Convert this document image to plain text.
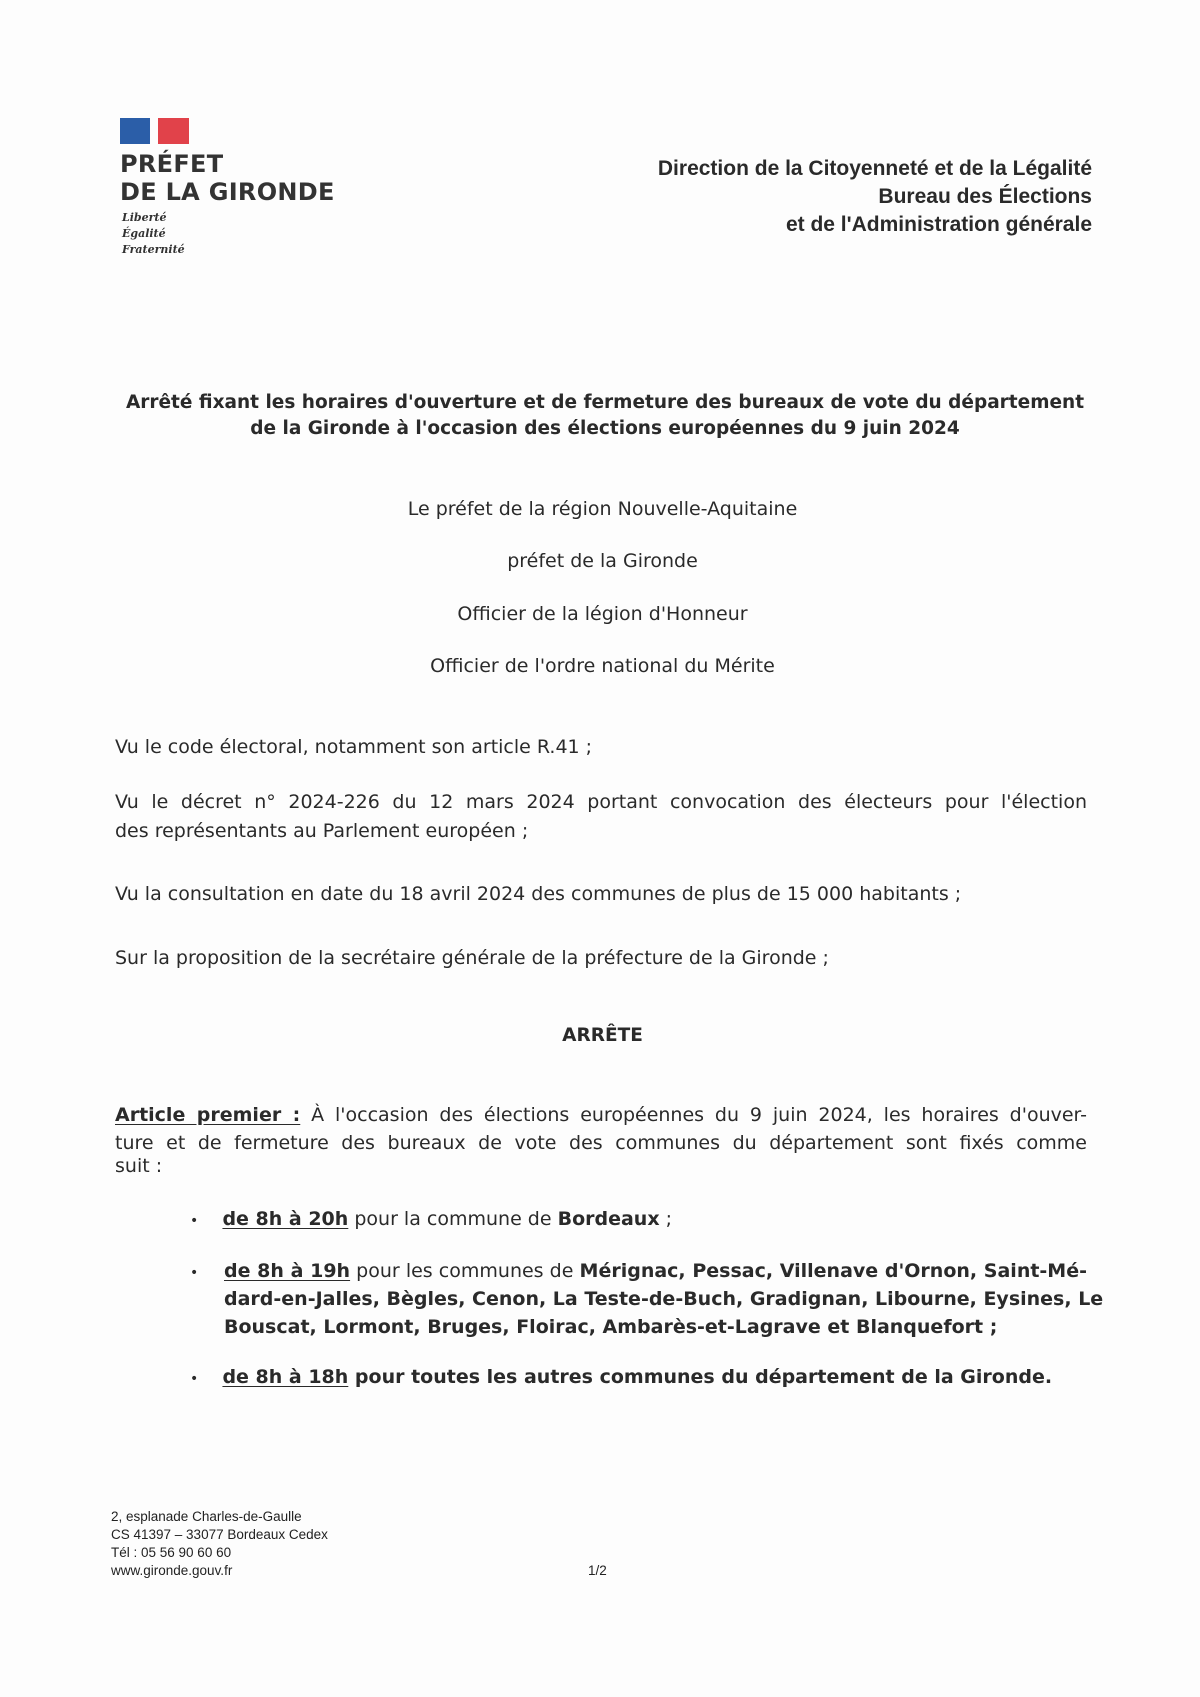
PRÉFET
DE LA GIRONDE
Liberté
Égalité
Fraternité
Direction de la Citoyenneté et de la Légalité
Bureau des Élections
et de l'Administration générale
Arrêté fixant les horaires d'ouverture et de fermeture des bureaux de vote du département
de la Gironde à l'occasion des élections européennes du 9 juin 2024
Le préfet de la région Nouvelle-Aquitaine
préfet de la Gironde
Officier de la légion d'Honneur
Officier de l'ordre national du Mérite
Vu le code électoral, notamment son article R.41 ;
Vu le décret n° 2024-226 du 12 mars 2024 portant convocation des électeurs pour l'élection
des représentants au Parlement européen ;
Vu la consultation en date du 18 avril 2024 des communes de plus de 15 000 habitants ;
Sur la proposition de la secrétaire générale de la préfecture de la Gironde ;
ARRÊTE
Article premier : À l'occasion des élections européennes du 9 juin 2024, les horaires d'ouver-
ture et de fermeture des bureaux de vote des communes du département sont fixés comme
suit :
• de 8h à 20h pour la commune de Bordeaux ;
• de 8h à 19h pour les communes de Mérignac, Pessac, Villenave d'Ornon, Saint-Mé-
dard-en-Jalles, Bègles, Cenon, La Teste-de-Buch, Gradignan, Libourne, Eysines, Le
Bouscat, Lormont, Bruges, Floirac, Ambarès-et-Lagrave et Blanquefort ;
• de 8h à 18h pour toutes les autres communes du département de la Gironde.
2, esplanade Charles-de-Gaulle
CS 41397 – 33077 Bordeaux Cedex
Tél : 05 56 90 60 60
www.gironde.gouv.fr	1/2
